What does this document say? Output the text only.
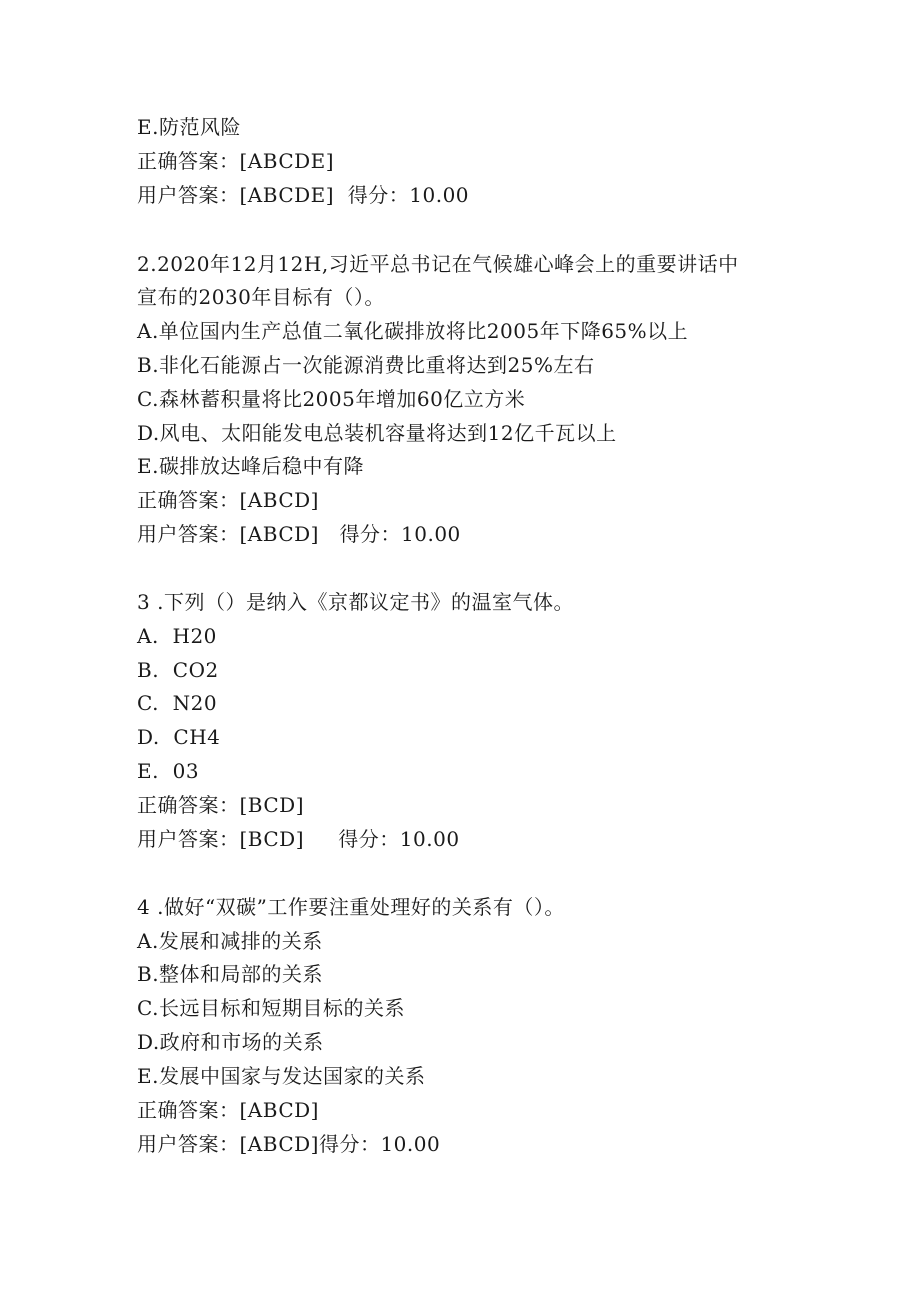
E.防范风险
正确答案：[ABCDE]
用户答案：[ABCDE]  得分：10.00
2.2020年12月12H,习近平总书记在气候雄心峰会上的重要讲话中
宣布的2030年目标有（）。
A.单位国内生产总值二氧化碳排放将比2005年下降65%以上
B.非化石能源占一次能源消费比重将达到25%左右
C.森林蓄积量将比2005年增加60亿立方米
D.风电、太阳能发电总装机容量将达到12亿千瓦以上
E.碳排放达峰后稳中有降
正确答案：[ABCD]
用户答案：[ABCD]   得分：10.00
3 .下列（）是纳入《京都议定书》的温室气体。
A.  H20
B.  CO2
C.  N20
D.  CH4
E.  03
正确答案：[BCD]
用户答案：[BCD]     得分：10.00
4 .做好“双碳”工作要注重处理好的关系有（）。
A.发展和减排的关系
B.整体和局部的关系
C.长远目标和短期目标的关系
D.政府和市场的关系
E.发展中国家与发达国家的关系
正确答案：[ABCD]
用户答案：[ABCD]得分：10.00
